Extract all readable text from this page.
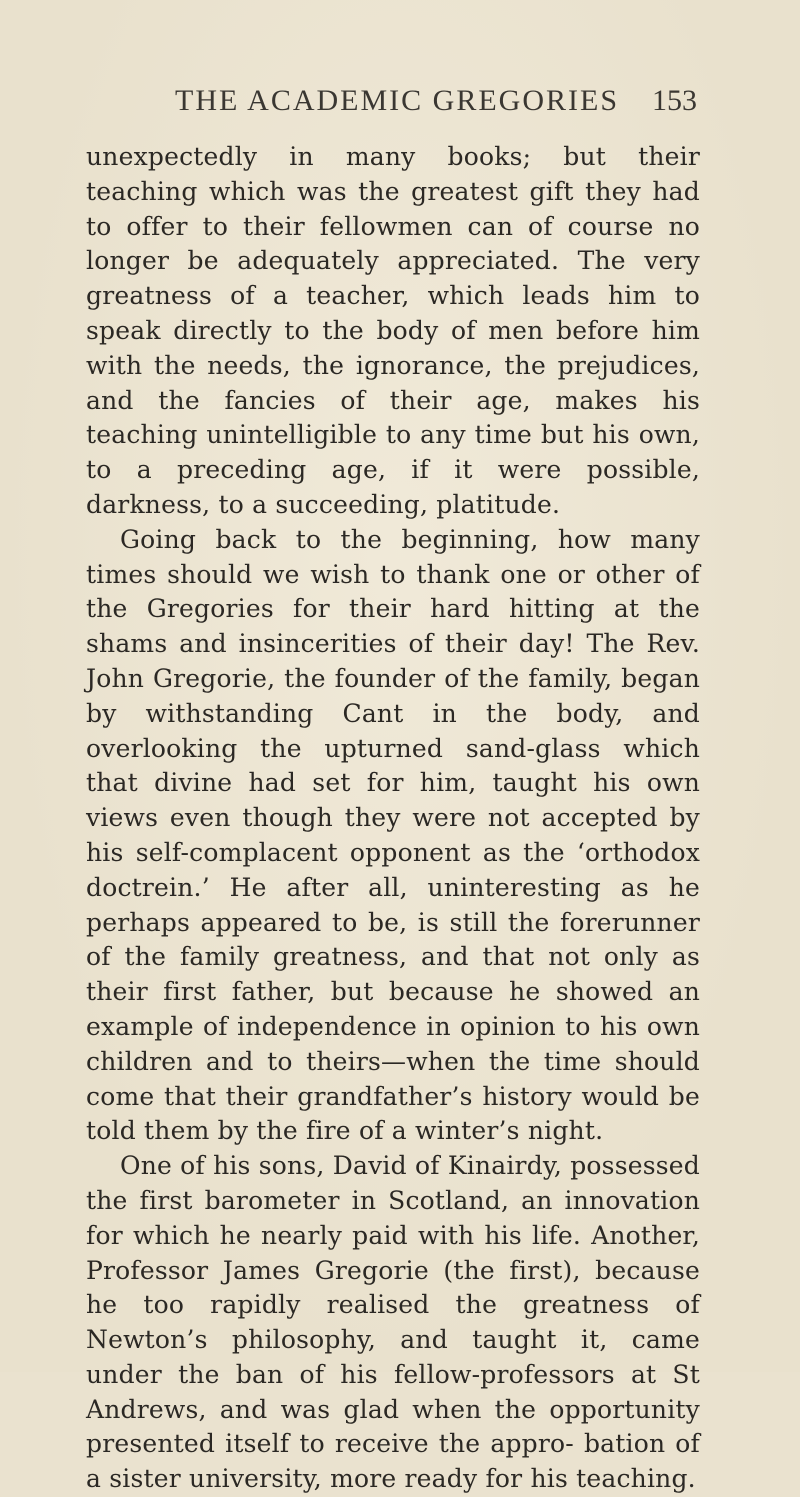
THE ACADEMIC GREGORIES 153

unexpectedly in many books; but their teaching which was the greatest gift they had to offer to their fellowmen can of course no longer be adequately appreciated. The very greatness of a teacher, which leads him to speak directly to the body of men before him with the needs, the ignorance, the prejudices, and the fancies of their age, makes his teaching unintelligible to any time but his own, to a preceding age, if it were possible, darkness, to a succeeding, platitude.

Going back to the beginning, how many times should we wish to thank one or other of the Gregories for their hard hitting at the shams and insincerities of their day! The Rev. John Gregorie, the founder of the family, began by withstanding Cant in the body, and overlooking the upturned sand-glass which that divine had set for him, taught his own views even though they were not accepted by his self-complacent opponent as the ‘orthodox doctrein.’ He after all, uninteresting as he perhaps appeared to be, is still the forerunner of the family greatness, and that not only as their first father, but because he showed an example of independence in opinion to his own children and to theirs—when the time should come that their grandfather’s history would be told them by the fire of a winter’s night.

One of his sons, David of Kinairdy, possessed the first barometer in Scotland, an innovation for which he nearly paid with his life. Another, Professor James Gregorie (the first), because he too rapidly realised the greatness of Newton’s philosophy, and taught it, came under the ban of his fellow-professors at St Andrews, and was glad when the opportunity presented itself to receive the appro- bation of a sister university, more ready for his teaching.
